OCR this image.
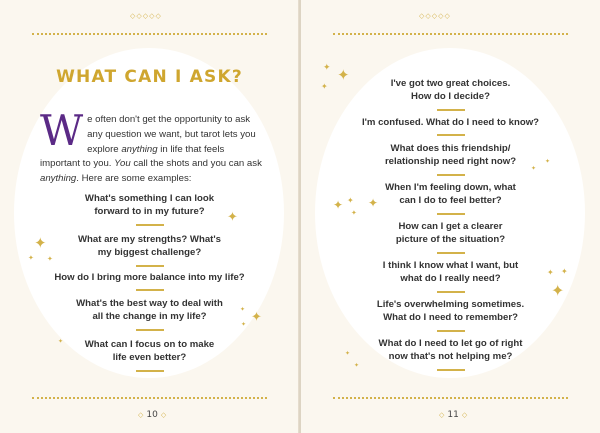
◇◇◇◇◇
WHAT CAN I ASK?
We often don't get the opportunity to ask any question we want, but tarot lets you explore anything in life that feels important to you. You call the shots and you can ask anything. Here are some examples:
What's something I can look
forward to in my future?
What are my strengths? What's
my biggest challenge?
How do I bring more balance into my life?
What's the best way to deal with
all the change in my life?
What can I focus on to make
life even better?
✦
✦ ✦
✦
✦
✦
✦
✦
◇ 10 ◇
◇◇◇◇◇
I've got two great choices.
How do I decide?
I'm confused. What do I need to know?
What does this friendship/
relationship need right now?
When I'm feeling down, what
can I do to feel better?
How can I get a clearer
picture of the situation?
I think I know what I want, but
what do I really need?
Life's overwhelming sometimes.
What do I need to remember?
What do I need to let go of right
now that's not helping me?
✦ ✦
✦
✦ ✦ ✦
✦
✦
✦
✦ ✦
✦
✦
✦
◇ 11 ◇
